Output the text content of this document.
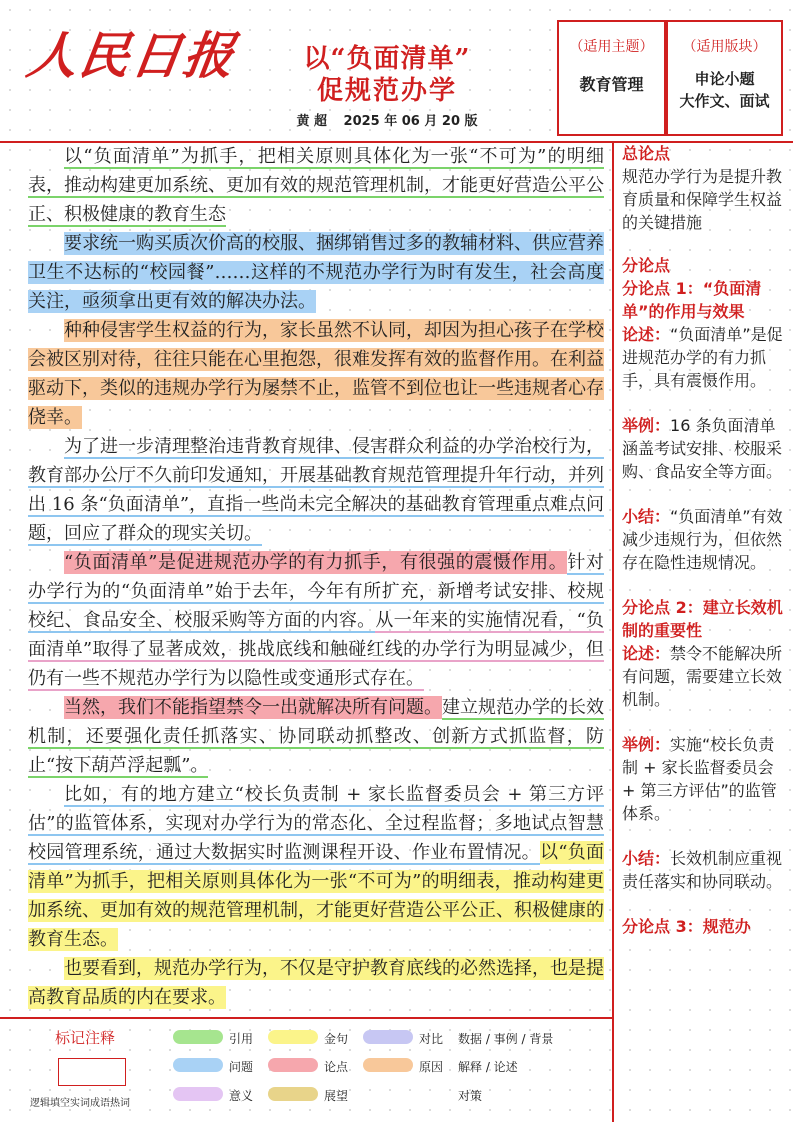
人民日报	以“负面清单”
促规范办学
黄 超 2025 年 06 月 20 版
（适用主题）
教育管理
（适用版块）
申论小题
大作文、面试

以“负面清单”为抓手，把相关原则具体化为一张“不可为”的明细表，推动构建更加系统、更加有效的规范管理机制，才能更好营造公平公正、积极健康的教育生态

要求统一购买质次价高的校服、捆绑销售过多的教辅材料、供应营养卫生不达标的“校园餐”……这样的不规范办学行为时有发生，社会高度关注，亟须拿出更有效的解决办法。

种种侵害学生权益的行为，家长虽然不认同，却因为担心孩子在学校会被区别对待，往往只能在心里抱怨，很难发挥有效的监督作用。在利益驱动下，类似的违规办学行为屡禁不止，监管不到位也让一些违规者心存侥幸。

为了进一步清理整治违背教育规律、侵害群众利益的办学治校行为，教育部办公厅不久前印发通知，开展基础教育规范管理提升年行动，并列出 16 条“负面清单”，直指一些尚未完全解决的基础教育管理重点难点问题，回应了群众的现实关切。

“负面清单”是促进规范办学的有力抓手，有很强的震慑作用。针对办学行为的“负面清单”始于去年，今年有所扩充，新增考试安排、校规校纪、食品安全、校服采购等方面的内容。从一年来的实施情况看，“负面清单”取得了显著成效，挑战底线和触碰红线的办学行为明显减少，但仍有一些不规范办学行为以隐性或变通形式存在。

当然，我们不能指望禁令一出就解决所有问题。建立规范办学的长效机制，还要强化责任抓落实、协同联动抓整改、创新方式抓监督，防止“按下葫芦浮起瓢”。

比如，有的地方建立“校长负责制 + 家长监督委员会 + 第三方评估”的监管体系，实现对办学行为的常态化、全过程监督；多地试点智慧校园管理系统，通过大数据实时监测课程开设、作业布置情况。以“负面清单”为抓手，把相关原则具体化为一张“不可为”的明细表，推动构建更加系统、更加有效的规范管理机制，才能更好营造公平公正、积极健康的教育生态。

也要看到，规范办学行为，不仅是守护教育底线的必然选择，也是提高教育品质的内在要求。

标记注释
逻辑填空实词成语热词
引用	金句	对比 数据 / 事例 / 背景
问题	论点	原因 解释 / 论述
意义	展望	对策
总论点
规范办学行为是提升教育质量和保障学生权益的关键措施
分论点
分论点 1：“负面清单”的作用与效果
论述：“负面清单”是促进规范办学的有力抓手，具有震慑作用。
举例：16 条负面清单涵盖考试安排、校服采购、食品安全等方面。
小结：“负面清单”有效减少违规行为，但依然存在隐性违规情况。
分论点 2：建立长效机制的重要性
论述：禁令不能解决所有问题，需要建立长效机制。
举例：实施“校长负责制 + 家长监督委员会 + 第三方评估”的监管体系。
小结：长效机制应重视责任落实和协同联动。
分论点 3：规范办
